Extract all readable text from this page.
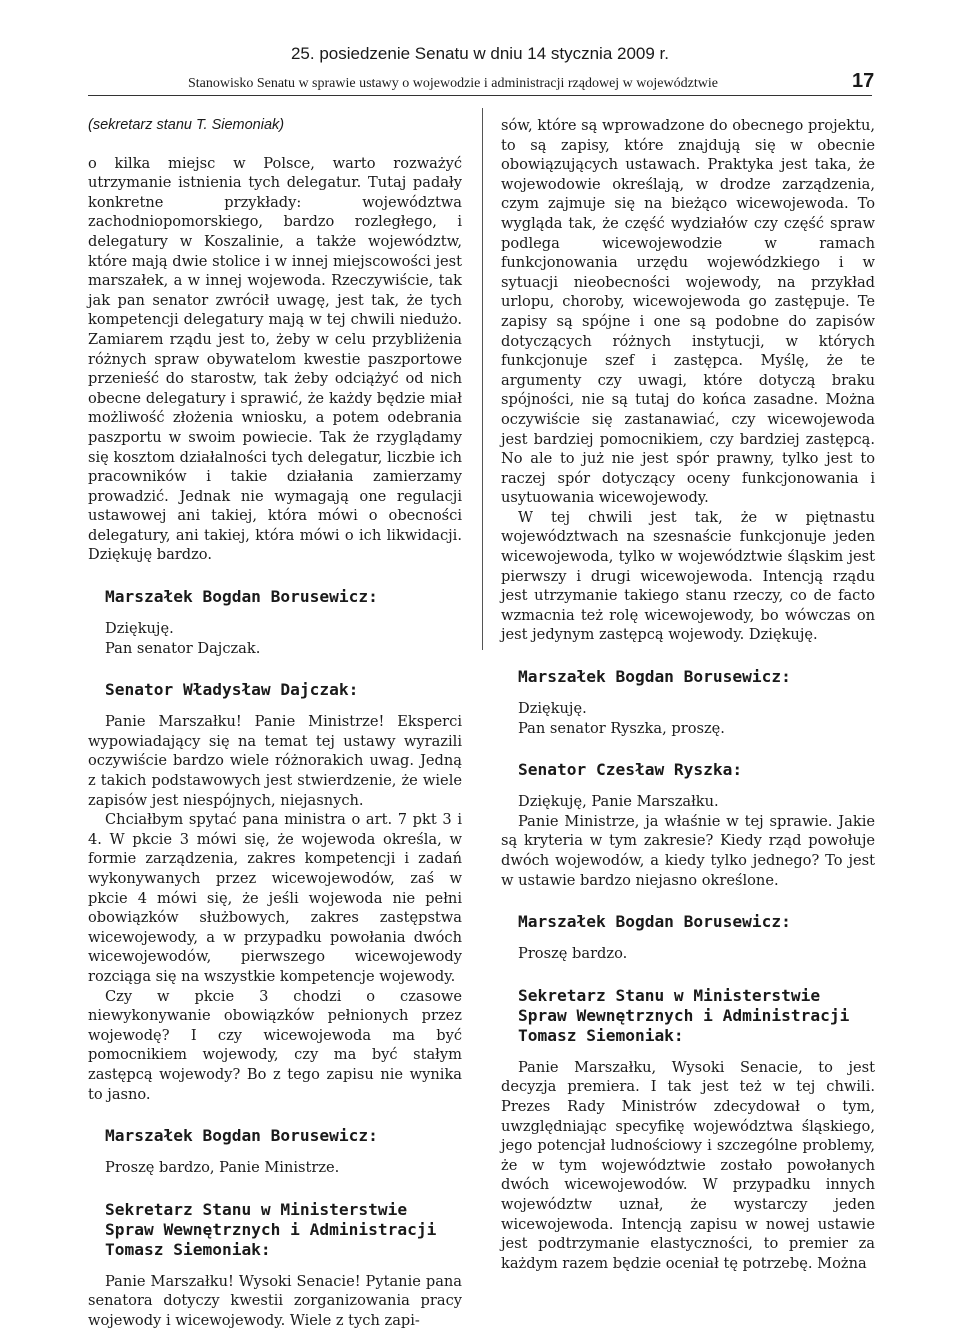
25. posiedzenie Senatu w dniu 14 stycznia 2009 r.
Stanowisko Senatu w sprawie ustawy o wojewodzie i administracji rządowej w województwie	17

(sekretarz stanu T. Siemoniak)

o kilka miejsc w Polsce, warto rozważyć utrzymanie istnienia tych delegatur. Tutaj padały konkretne przykłady: województwa zachodniopomorskiego, bardzo rozległego, i delegatury w Koszalinie, a także województw, które mają dwie stolice i w innej miejscowości jest marszałek, a w innej wojewoda. Rzeczywiście, tak jak pan senator zwrócił uwagę, jest tak, że tych kompetencji delegatury mają w tej chwili niedużo. Zamiarem rządu jest to, żeby w celu przybliżenia różnych spraw obywatelom kwestie paszportowe przenieść do starostw, tak żeby odciążyć od nich obecne delegatury i sprawić, że każdy będzie miał możliwość złożenia wniosku, a potem odebrania paszportu w swoim powiecie. Tak że rzyglądamy się kosztom działalności tych delegatur, liczbie ich pracowników i takie działania zamierzamy prowadzić. Jednak nie wymagają one regulacji ustawowej ani takiej, która mówi o obecności delegatury, ani takiej, która mówi o ich likwidacji. Dziękuję bardzo.

Marszałek Bogdan Borusewicz:

Dziękuję.

Pan senator Dajczak.

Senator Władysław Dajczak:

Panie Marszałku! Panie Ministrze! Eksperci wypowiadający się na temat tej ustawy wyrazili oczywiście bardzo wiele różnorakich uwag. Jedną z takich podstawowych jest stwierdzenie, że wiele zapisów jest niespójnych, niejasnych.

Chciałbym spytać pana ministra o art. 7 pkt 3 i 4. W pkcie 3 mówi się, że wojewoda określa, w formie zarządzenia, zakres kompetencji i zadań wykonywanych przez wicewojewodów, zaś w pkcie 4 mówi się, że jeśli wojewoda nie pełni obowiązków służbowych, zakres zastępstwa wicewojewody, a w przypadku powołania dwóch wicewojewodów, pierwszego wicewojewody rozciąga się na wszystkie kompetencje wojewody.

Czy w pkcie 3 chodzi o czasowe niewykonywanie obowiązków pełnionych przez wojewodę? I czy wicewojewoda ma być pomocnikiem wojewody, czy ma być stałym zastępcą wojewody? Bo z tego zapisu nie wynika to jasno.

Marszałek Bogdan Borusewicz:

Proszę bardzo, Panie Ministrze.

Sekretarz Stanu w Ministerstwie Spraw Wewnętrznych i Administracji Tomasz Siemoniak:

Panie Marszałku! Wysoki Senacie! Pytanie pana senatora dotyczy kwestii zorganizowania pracy wojewody i wicewojewody. Wiele z tych zapi-

sów, które są wprowadzone do obecnego projektu, to są zapisy, które znajdują się w obecnie obowiązujących ustawach. Praktyka jest taka, że wojewodowie określają, w drodze zarządzenia, czym zajmuje się na bieżąco wicewojewoda. To wygląda tak, że część wydziałów czy część spraw podlega wicewojewodzie w ramach funkcjonowania urzędu wojewódzkiego i w sytuacji nieobecności wojewody, na przykład urlopu, choroby, wicewojewoda go zastępuje. Te zapisy są spójne i one są podobne do zapisów dotyczących różnych instytucji, w których funkcjonuje szef i zastępca. Myślę, że te argumenty czy uwagi, które dotyczą braku spójności, nie są tutaj do końca zasadne. Można oczywiście się zastanawiać, czy wicewojewoda jest bardziej pomocnikiem, czy bardziej zastępcą. No ale to już nie jest spór prawny, tylko jest to raczej spór dotyczący oceny funkcjonowania i usytuowania wicewojewody.

W tej chwili jest tak, że w piętnastu województwach na szesnaście funkcjonuje jeden wicewojewoda, tylko w województwie śląskim jest pierwszy i drugi wicewojewoda. Intencją rządu jest utrzymanie takiego stanu rzeczy, co de facto wzmacnia też rolę wicewojewody, bo wówczas on jest jedynym zastępcą wojewody. Dziękuję.

Marszałek Bogdan Borusewicz:

Dziękuję.

Pan senator Ryszka, proszę.

Senator Czesław Ryszka:

Dziękuję, Panie Marszałku.

Panie Ministrze, ja właśnie w tej sprawie. Jakie są kryteria w tym zakresie? Kiedy rząd powołuje dwóch wojewodów, a kiedy tylko jednego? To jest w ustawie bardzo niejasno określone.

Marszałek Bogdan Borusewicz:

Proszę bardzo.

Sekretarz Stanu w Ministerstwie Spraw Wewnętrznych i Administracji Tomasz Siemoniak:

Panie Marszałku, Wysoki Senacie, to jest decyzja premiera. I tak jest też w tej chwili. Prezes Rady Ministrów zdecydował o tym, uwzględniając specyfikę województwa śląskiego, jego potencjał ludnościowy i szczególne problemy, że w tym województwie zostało powołanych dwóch wicewojewodów. W przypadku innych województw uznał, że wystarczy jeden wicewojewoda. Intencją zapisu w nowej ustawie jest podtrzymanie elastyczności, to premier za każdym razem będzie oceniał tę potrzebę. Można
